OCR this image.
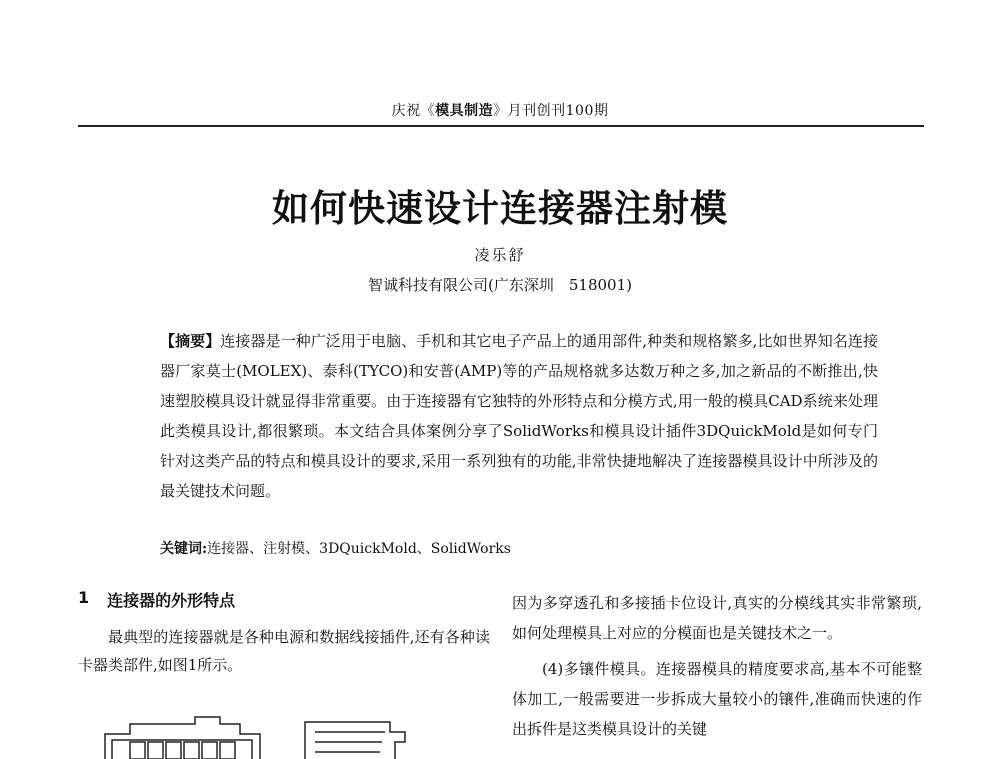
庆祝《模具制造》月刊创刊100期
如何快速设计连接器注射模
凌乐舒
智诚科技有限公司(广东深圳　518001)
【摘要】连接器是一种广泛用于电脑、手机和其它电子产品上的通用部件,种类和规格繁多,比如世界知名连接器厂家莫士(MOLEX)、泰科(TYCO)和安普(AMP)等的产品规格就多达数万种之多,加之新品的不断推出,快速塑胶模具设计就显得非常重要。由于连接器有它独特的外形特点和分模方式,用一般的模具CAD系统来处理此类模具设计,都很繁琐。本文结合具体案例分享了SolidWorks和模具设计插件3DQuickMold是如何专门针对这类产品的特点和模具设计的要求,采用一系列独有的功能,非常快捷地解决了连接器模具设计中所涉及的最关键技术问题。
关键词:连接器、注射模、3DQuickMold、SolidWorks
1 连接器的外形特点

最典型的连接器就是各种电源和数据线接插件,还有各种读卡器类部件,如图1所示。

因为多穿透孔和多接插卡位设计,真实的分模线其实非常繁琐,如何处理模具上对应的分模面也是关键技术之一。

(4)多镶件模具。连接器模具的精度要求高,基本不可能整体加工,一般需要进一步拆成大量较小的镶件,准确而快速的作出拆件是这类模具设计的关键
